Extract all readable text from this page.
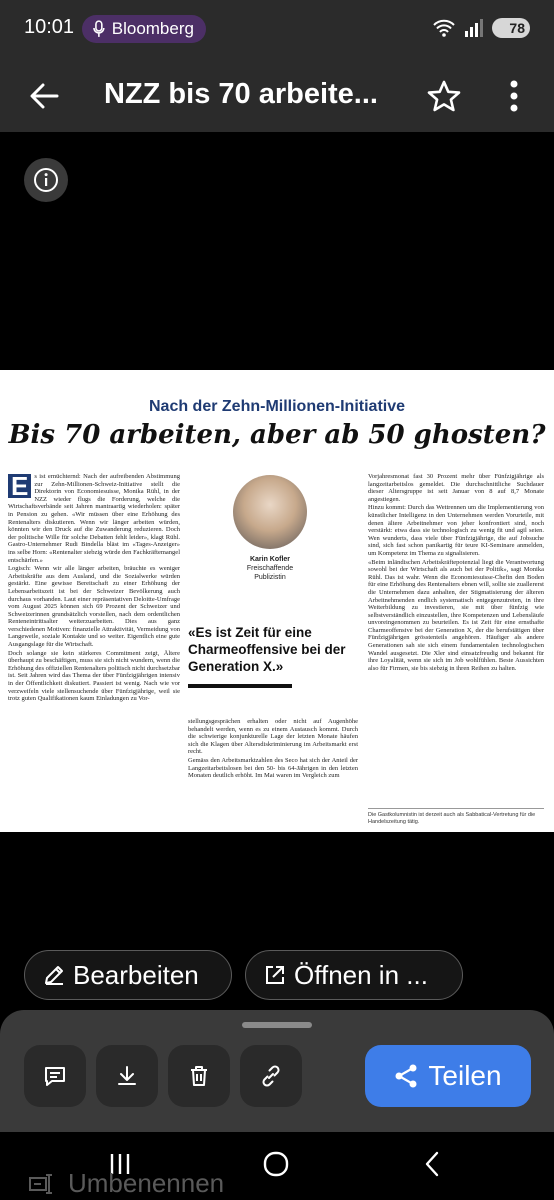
10:01 Bloomberg	78
NZZ bis 70 arbeite...
Nach der Zehn-Millionen-Initiative
Bis 70 arbeiten, aber ab 50 ghosten?

E s ist ernüchternd: Nach der aufreibenden Abstimmung zur Zehn-Millionen-Schweiz-Initiative stellt die Direktorin von Economiesuisse, Monika Rühl, in der NZZ wieder flugs die Forderung, welche die Wirtschaftsverbände seit Jahren mantraartig wiederholen: später in Pension zu gehen. «Wir müssen über eine Erhöhung des Rentenalters diskutieren. Wenn wir länger arbeiten würden, könnten wir den Druck auf die Zuwanderung reduzieren. Doch der politische Wille für solche Debatten fehlt leider», klagt Rühl. Gastro-Unternehmer Rudi Bindella bläst im «Tages-Anzeiger» ins selbe Horn: «Rentenalter siebzig würde den Fachkräftemangel entschärfen.»

Logisch: Wenn wir alle länger arbeiten, bräuchte es weniger Arbeitskräfte aus dem Ausland, und die Sozialwerke würden gestärkt. Eine gewisse Bereitschaft zu einer Erhöhung der Lebensarbeitszeit ist bei der Schweizer Bevölkerung auch durchaus vorhanden. Laut einer repräsentativen Deloitte-Umfrage vom August 2025 können sich 69 Prozent der Schweizer und Schweizerinnen grundsätzlich vorstellen, nach dem ordentlichen Renteneintrittsalter weiterzuarbeiten. Dies aus ganz verschiedenen Motiven: finanzielle Attraktivität, Vermeidung von Langeweile, soziale Kontakte und so weiter. Eigentlich eine gute Ausgangslage für die Wirtschaft.

Doch solange sie kein stärkeres Commitment zeigt, Ältere überhaupt zu beschäftigen, muss sie sich nicht wundern, wenn die Erhöhung des offiziellen Rentenalters politisch nicht durchsetzbar ist. Seit Jahren wird das Thema der über Fünfzigjährigen intensiv in der Öffentlichkeit diskutiert. Passiert ist wenig. Nach wie vor verzweifeln viele stellensuchende über Fünfzigjährige, weil sie trotz guten Qualifikationen kaum Einladungen zu Vor-

Karin Kofler
Freischaffende
Publizistin
«Es ist Zeit für eine Charmeoffensive bei der Generation X.»

stellungsgesprächen erhalten oder nicht auf Augenhöhe behandelt werden, wenn es zu einem Austausch kommt. Durch die schwierige konjunkturelle Lage der letzten Monate häufen sich die Klagen über Altersdiskriminierung im Arbeitsmarkt erst recht.

Gemäss den Arbeitsmarktzahlen des Seco hat sich der Anteil der Langzeitarbeitslosen bei den 50- bis 64-Jährigen in den letzten Monaten deutlich erhöht. Im Mai waren im Vergleich zum

Vorjahresmonat fast 30 Prozent mehr über Fünfzigjährige als langzeitarbeitslos gemeldet. Die durchschnittliche Suchdauer dieser Altersgruppe ist seit Januar von 8 auf 8,7 Monate angestiegen.

Hinzu kommt: Durch das Wettrennen um die Implementierung von künstlicher Intelligenz in den Unternehmen werden Vorurteile, mit denen ältere Arbeitnehmer von jeher konfrontiert sind, noch verstärkt: etwa dass sie technologisch zu wenig fit und agil seien. Wen wunderts, dass viele über Fünfzigjährige, die auf Jobsuche sind, sich fast schon panikartig für teure KI-Seminare anmelden, um Kompetenz im Thema zu signalisieren.

«Beim inländischen Arbeitskräftepotenzial liegt die Verantwortung sowohl bei der Wirtschaft als auch bei der Politik», sagt Monika Rühl. Das ist wahr. Wenn die Economiesuisse-Chefin den Boden für eine Erhöhung des Rentenalters ebnen will, sollte sie zuallererst die Unternehmen dazu anhalten, der Stigmatisierung der älteren Arbeitnehmenden endlich systematisch entgegenzutreten, in ihre Weiterbildung zu investieren, sie mit über fünfzig wie selbstverständlich einzustellen, ihre Kompetenzen und Lebensläufe unvoreingenommen zu beurteilen. Es ist Zeit für eine ernsthafte Charmeoffensive bei der Generation X, der die berufstätigen über Fünfzigjährigen grösstenteils angehören. Häufiger als andere Generationen sah sie sich einem fundamentalen technologischen Wandel ausgesetzt. Die Xler sind einsatzfreudig und bekannt für ihre Loyalität, wenn sie sich im Job wohlfühlen. Beste Aussichten also für Firmen, sie bis siebzig in ihren Reihen zu halten.

Die Gastkolumnistin ist derzeit auch als Sabbatical-Vertretung für die Handelszeitung tätig.
Bearbeiten	Öffnen in ...
Teilen
Umbenennen
